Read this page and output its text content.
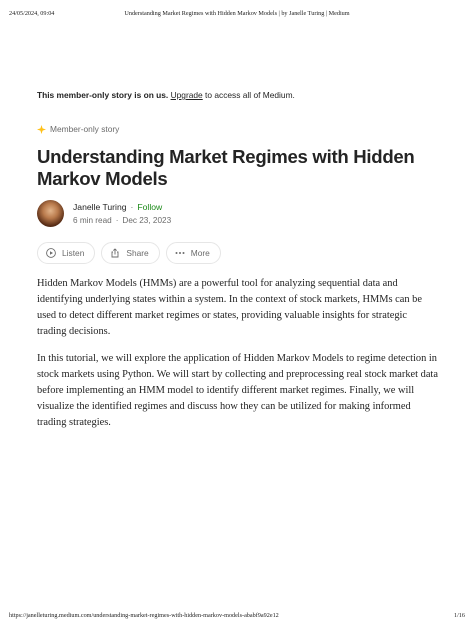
24/05/2024, 09:04	Understanding Market Regimes with Hidden Markov Models | by Janelle Turing | Medium
This member-only story is on us. Upgrade to access all of Medium.
Member-only story
Understanding Market Regimes with Hidden Markov Models
Janelle Turing · Follow
6 min read · Dec 23, 2023
Listen	Share	More

Hidden Markov Models (HMMs) are a powerful tool for analyzing sequential data and identifying underlying states within a system. In the context of stock markets, HMMs can be used to detect different market regimes or states, providing valuable insights for strategic trading decisions.

In this tutorial, we will explore the application of Hidden Markov Models to regime detection in stock markets using Python. We will start by collecting and preprocessing real stock market data before implementing an HMM model to identify different market regimes. Finally, we will visualize the identified regimes and discuss how they can be utilized for making informed trading strategies.

https://janelleturing.medium.com/understanding-market-regimes-with-hidden-markov-models-ababf9a92e12	1/16
